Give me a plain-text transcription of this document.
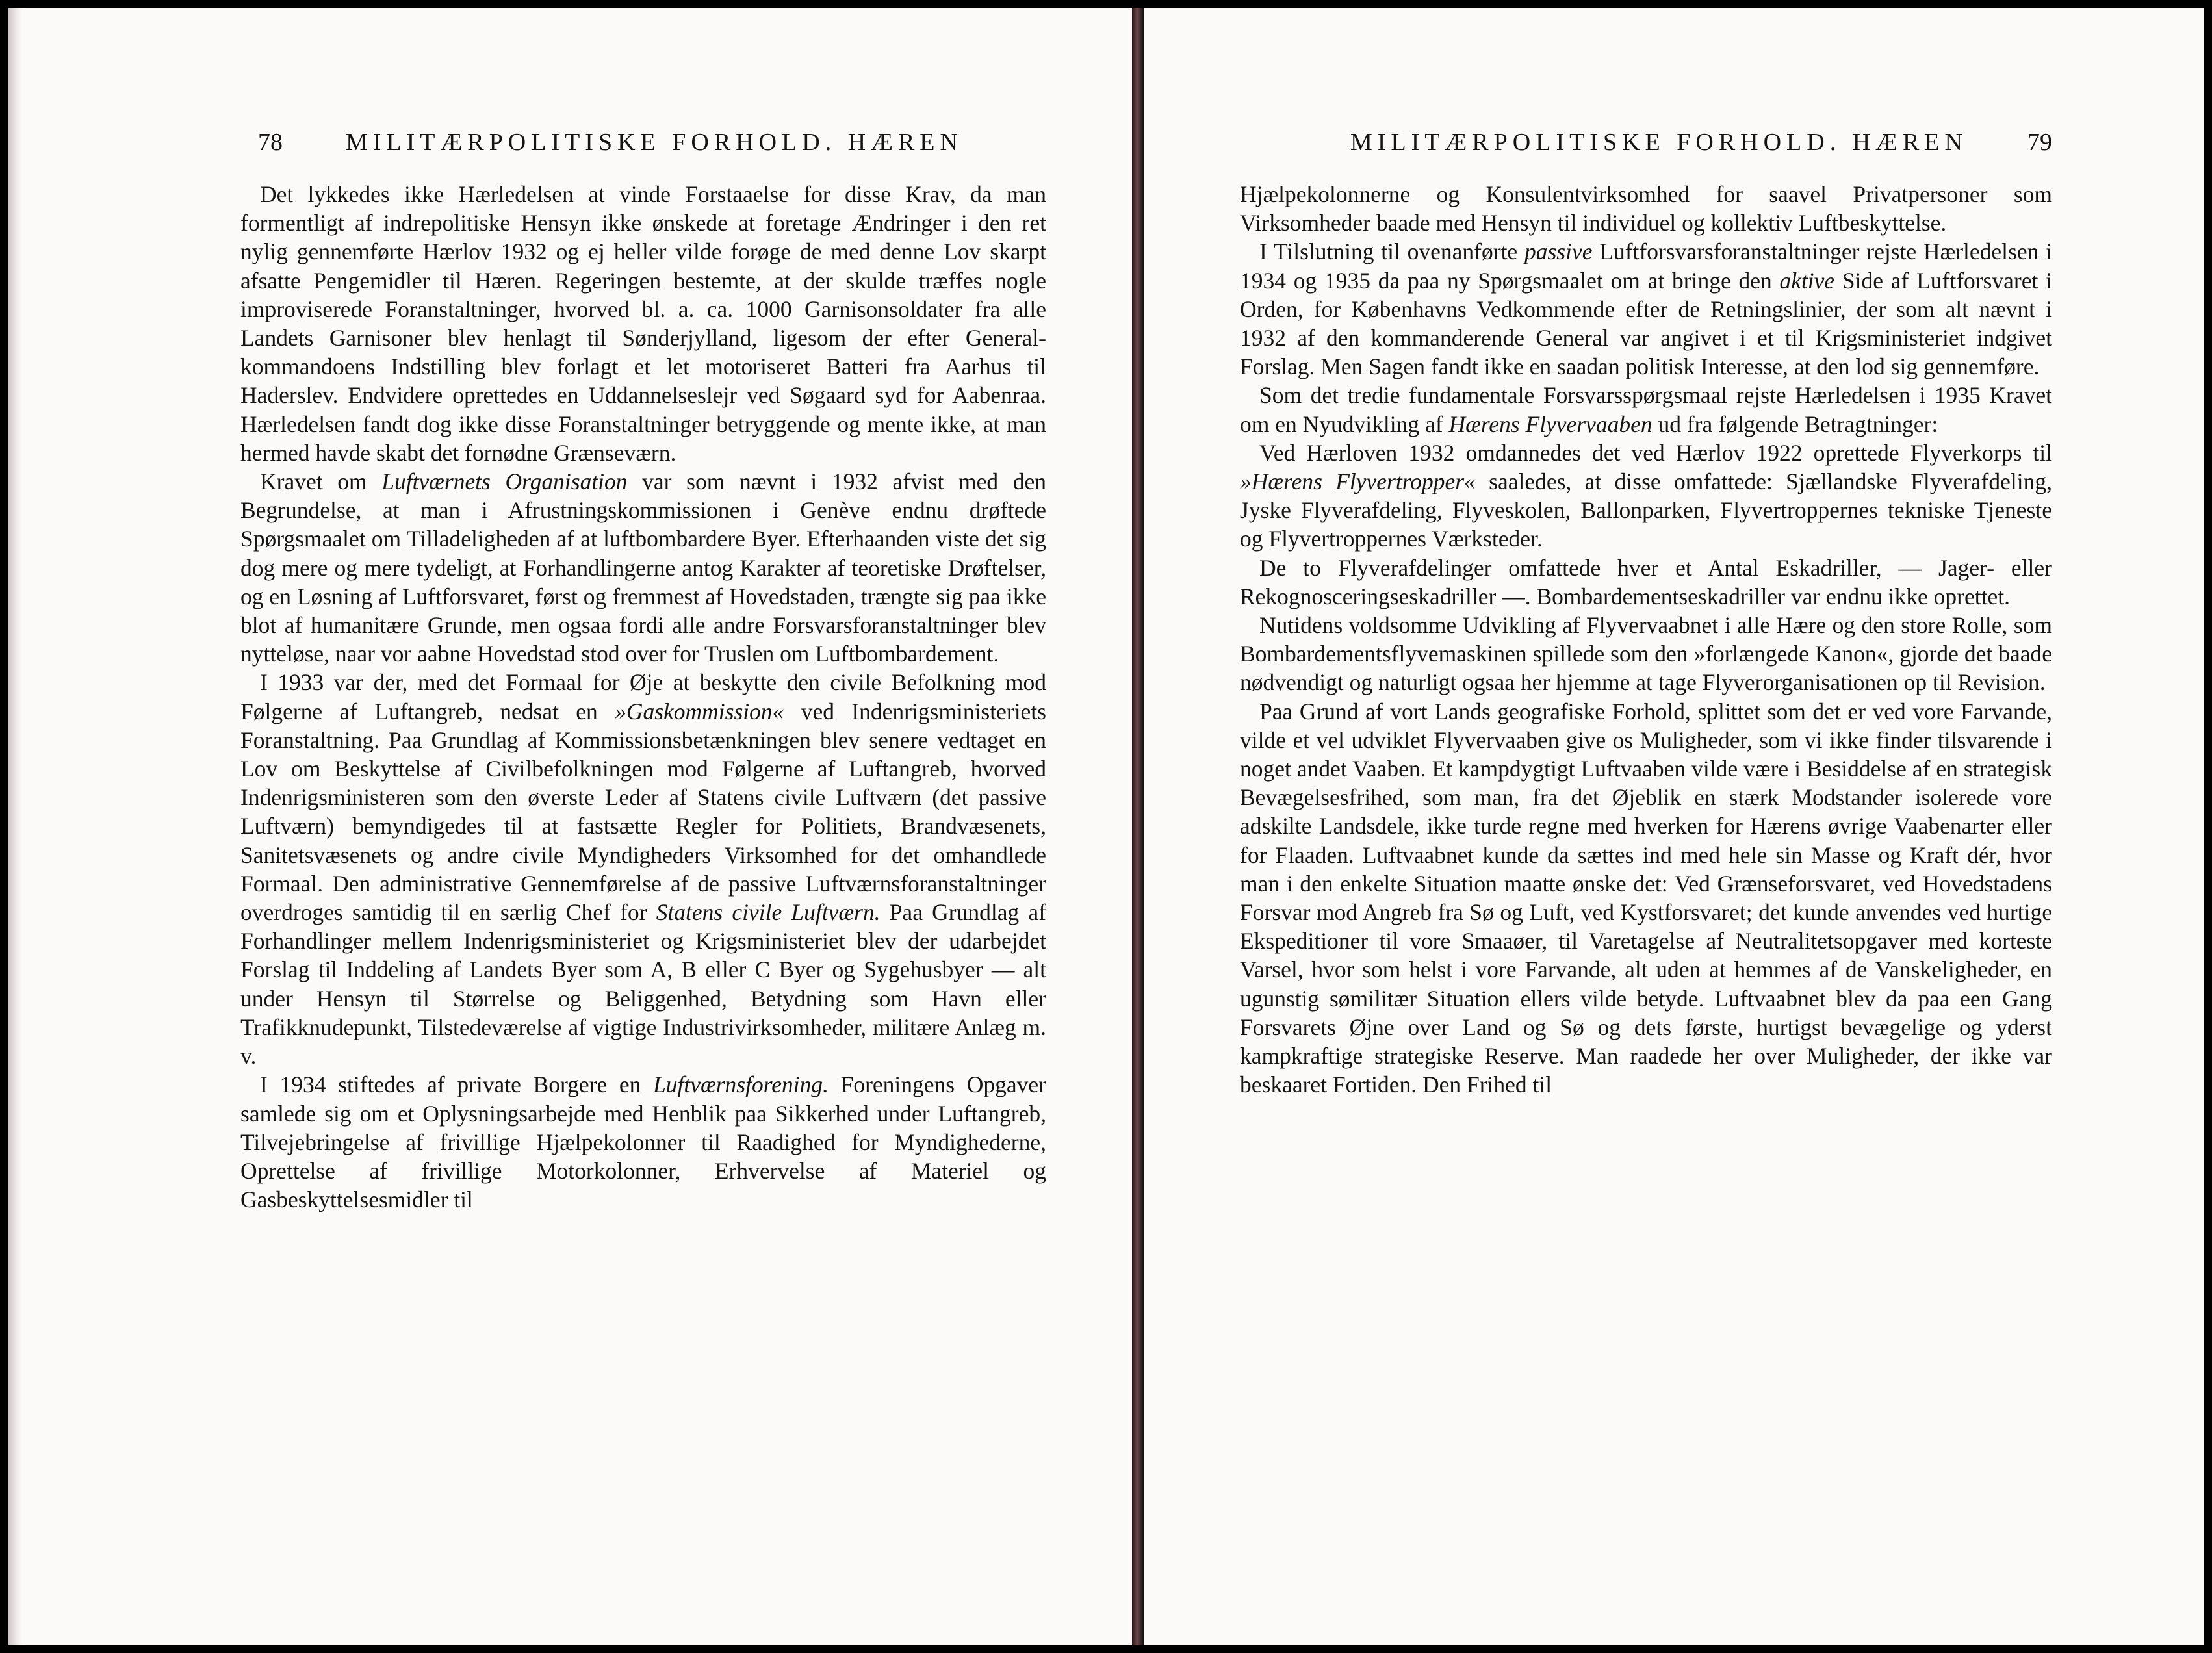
78	MILITÆRPOLITISKE FORHOLD. HÆREN

Det lykkedes ikke Hærledelsen at vinde Forstaaelse for disse Krav, da man formentligt af indrepolitiske Hensyn ikke ønskede at foretage Ændringer i den ret nylig gennemførte Hærlov 1932 og ej heller vilde forøge de med denne Lov skarpt afsatte Pengemidler til Hæren. Regeringen bestemte, at der skulde træffes nogle improviserede Foranstaltninger, hvorved bl. a. ca. 1000 Garnisonsoldater fra alle Landets Garnisoner blev henlagt til Sønderjylland, ligesom der efter General-kommandoens Indstilling blev forlagt et let motoriseret Batteri fra Aarhus til Haderslev. Endvidere oprettedes en Uddannelseslejr ved Søgaard syd for Aabenraa. Hærledelsen fandt dog ikke disse Foranstaltninger betryggende og mente ikke, at man hermed havde skabt det fornødne Grænseværn.

Kravet om Luftværnets Organisation var som nævnt i 1932 afvist med den Begrundelse, at man i Afrustningskommissionen i Genève endnu drøftede Spørgsmaalet om Tilladeligheden af at luftbombardere Byer. Efterhaanden viste det sig dog mere og mere tydeligt, at Forhandlingerne antog Karakter af teoretiske Drøftelser, og en Løsning af Luftforsvaret, først og fremmest af Hovedstaden, trængte sig paa ikke blot af humanitære Grunde, men ogsaa fordi alle andre Forsvarsforanstaltninger blev nytteløse, naar vor aabne Hovedstad stod over for Truslen om Luftbombardement.

I 1933 var der, med det Formaal for Øje at beskytte den civile Befolkning mod Følgerne af Luftangreb, nedsat en »Gaskommission« ved Indenrigsministeriets Foranstaltning. Paa Grundlag af Kommissionsbetænkningen blev senere vedtaget en Lov om Beskyttelse af Civilbefolkningen mod Følgerne af Luftangreb, hvorved Indenrigsministeren som den øverste Leder af Statens civile Luftværn (det passive Luftværn) bemyndigedes til at fastsætte Regler for Politiets, Brandvæsenets, Sanitetsvæsenets og andre civile Myndigheders Virksomhed for det omhandlede Formaal. Den administrative Gennemførelse af de passive Luftværnsforanstaltninger overdroges samtidig til en særlig Chef for Statens civile Luftværn. Paa Grundlag af Forhandlinger mellem Indenrigsministeriet og Krigsministeriet blev der udarbejdet Forslag til Inddeling af Landets Byer som A, B eller C Byer og Sygehusbyer — alt under Hensyn til Størrelse og Beliggenhed, Betydning som Havn eller Trafikknudepunkt, Tilstedeværelse af vigtige Industrivirksomheder, militære Anlæg m. v.

I 1934 stiftedes af private Borgere en Luftværnsforening. Foreningens Opgaver samlede sig om et Oplysningsarbejde med Henblik paa Sikkerhed under Luftangreb, Tilvejebringelse af frivillige Hjælpekolonner til Raadighed for Myndighederne, Oprettelse af frivillige Motorkolonner, Erhvervelse af Materiel og Gasbeskyttelsesmidler til

MILITÆRPOLITISKE FORHOLD. HÆREN 79

Hjælpekolonnerne og Konsulentvirksomhed for saavel Privatpersoner som Virksomheder baade med Hensyn til individuel og kollektiv Luftbeskyttelse.

I Tilslutning til ovenanførte passive Luftforsvarsforanstaltninger rejste Hærledelsen i 1934 og 1935 da paa ny Spørgsmaalet om at bringe den aktive Side af Luftforsvaret i Orden, for Københavns Vedkommende efter de Retningslinier, der som alt nævnt i 1932 af den kommanderende General var angivet i et til Krigsministeriet indgivet Forslag. Men Sagen fandt ikke en saadan politisk Interesse, at den lod sig gennemføre.

Som det tredie fundamentale Forsvarsspørgsmaal rejste Hærledelsen i 1935 Kravet om en Nyudvikling af Hærens Flyvervaaben ud fra følgende Betragtninger:

Ved Hærloven 1932 omdannedes det ved Hærlov 1922 oprettede Flyverkorps til »Hærens Flyvertropper« saaledes, at disse omfattede: Sjællandske Flyverafdeling, Jyske Flyverafdeling, Flyveskolen, Ballonparken, Flyvertroppernes tekniske Tjeneste og Flyvertroppernes Værksteder.

De to Flyverafdelinger omfattede hver et Antal Eskadriller, — Jager- eller Rekognosceringseskadriller —. Bombardementseskadriller var endnu ikke oprettet.

Nutidens voldsomme Udvikling af Flyvervaabnet i alle Hære og den store Rolle, som Bombardementsflyvemaskinen spillede som den »forlængede Kanon«, gjorde det baade nødvendigt og naturligt ogsaa her hjemme at tage Flyverorganisationen op til Revision.

Paa Grund af vort Lands geografiske Forhold, splittet som det er ved vore Farvande, vilde et vel udviklet Flyvervaaben give os Muligheder, som vi ikke finder tilsvarende i noget andet Vaaben. Et kampdygtigt Luftvaaben vilde være i Besiddelse af en strategisk Bevægelsesfrihed, som man, fra det Øjeblik en stærk Modstander isolerede vore adskilte Landsdele, ikke turde regne med hverken for Hærens øvrige Vaabenarter eller for Flaaden. Luftvaabnet kunde da sættes ind med hele sin Masse og Kraft dér, hvor man i den enkelte Situation maatte ønske det: Ved Grænseforsvaret, ved Hovedstadens Forsvar mod Angreb fra Sø og Luft, ved Kystforsvaret; det kunde anvendes ved hurtige Ekspeditioner til vore Smaaøer, til Varetagelse af Neutralitetsopgaver med korteste Varsel, hvor som helst i vore Farvande, alt uden at hemmes af de Vanskeligheder, en ugunstig sømilitær Situation ellers vilde betyde. Luftvaabnet blev da paa een Gang Forsvarets Øjne over Land og Sø og dets første, hurtigst bevægelige og yderst kampkraftige strategiske Reserve. Man raadede her over Muligheder, der ikke var beskaaret Fortiden. Den Frihed til
